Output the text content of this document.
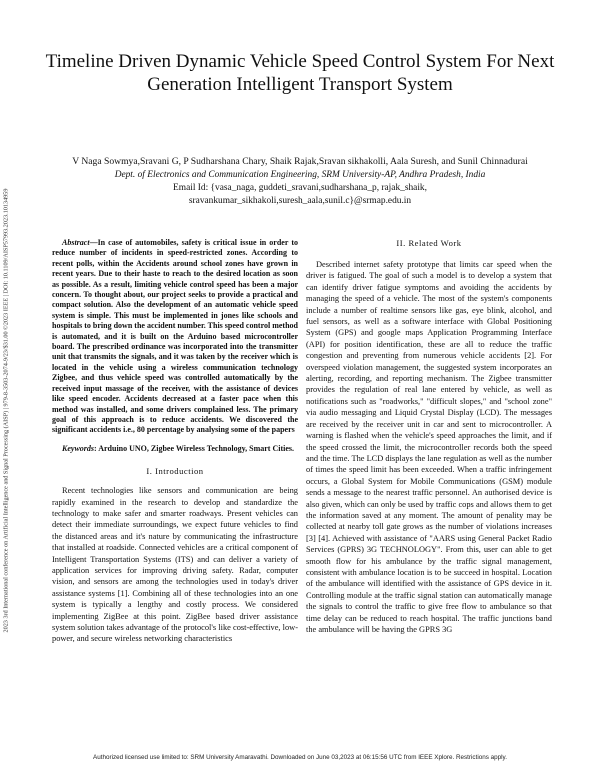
2023 3rd International conference on Artificial Intelligence and Signal Processing (AISP) | 979-8-3503-2074-9/23/$31.00 ©2023 IEEE | DOI: 10.1109/AISP57993.2023.10134959
Timeline Driven Dynamic Vehicle Speed Control System For Next Generation Intelligent Transport System
V Naga Sowmya,Sravani G, P Sudharshana Chary, Shaik Rajak,Sravan sikhakolli, Aala Suresh, and Sunil Chinnadurai
Dept. of Electronics and Communication Engineering, SRM University-AP, Andhra Pradesh, India
Email Id: {vasa_naga, guddeti_sravani,sudharshana_p, rajak_shaik,
sravankumar_sikhakoli,suresh_aala,sunil.c}@srmap.edu.in

Abstract—In case of automobiles, safety is critical issue in order to reduce number of incidents in speed-restricted zones. According to recent polls, within the Accidents around school zones have grown in recent years. Due to their haste to reach to the desired location as soon as possible. As a result, limiting vehicle control speed has been a major concern. To thought about, our project seeks to provide a practical and compact solution. Also the development of an automatic vehicle speed system is simple. This must be implemented in jones like schools and hospitals to bring down the accident number. This speed control method is automated, and it is built on the Arduino based microcontroller board. The prescribed ordinance was incorporated into the transmitter unit that transmits the signals, and it was taken by the receiver which is located in the vehicle using a wireless communication technology Zigbee, and thus vehicle speed was controlled automatically by the received input massage of the receiver, with the assistance of devices like speed encoder. Accidents decreased at a faster pace when this method was installed, and some drivers complained less. The primary goal of this approach is to reduce accidents. We discovered the significant accidents i.e., 80 percentage by analysing some of the papers

Keywords: Arduino UNO, Zigbee Wireless Technology, Smart Cities.

I. Introduction

Recent technologies like sensors and communication are being rapidly examined in the research to develop and standardize the technology to make safer and smarter roadways. Present vehicles can detect their immediate surroundings, we expect future vehicles to find the distanced areas and it's nature by communicating the infrastructure that installed at roadside. Connected vehicles are a critical component of Intelligent Transportation Systems (ITS) and can deliver a variety of application services for improving driving safety. Radar, computer vision, and sensors are among the technologies used in today's driver assistance systems [1]. Combining all of these technologies into an one system is typically a lengthy and costly process. We considered implementing ZigBee at this point. ZigBee based driver assistance system solution takes advantage of the protocol's like cost-effective, low-power, and secure wireless networking characteristics

II. Related Work

Described internet safety prototype that limits car speed when the driver is fatigued. The goal of such a model is to develop a system that can identify driver fatigue symptoms and avoiding the accidents by managing the speed of a vehicle. The most of the system's components include a number of realtime sensors like gas, eye blink, alcohol, and fuel sensors, as well as a software interface with Global Positioning System (GPS) and google maps Application Programming Interface (API) for position identification, these are all to reduce the traffic congestion and preventing from numerous vehicle accidents [2]. For overspeed violation management, the suggested system incorporates an alerting, recording, and reporting mechanism. The Zigbee transmitter provides the regulation of real lane entered by vehicle, as well as notifications such as "roadworks," "difficult slopes," and "school zone" via audio messaging and Liquid Crystal Display (LCD). The messages are received by the receiver unit in car and sent to microcontroller. A warning is flashed when the vehicle's speed approaches the limit, and if the speed crossed the limit, the microcontroller records both the speed and the time. The LCD displays the lane regulation as well as the number of times the speed limit has been exceeded. When a traffic infringement occurs, a Global System for Mobile Communications (GSM) module sends a message to the nearest traffic personnel. An authorised device is also given, which can only be used by traffic cops and allows them to get the information saved at any moment. The amount of penality may be collected at nearby toll gate grows as the number of violations increases [3] [4]. Achieved with assistance of "AARS using General Packet Radio Services (GPRS) 3G TECHNOLOGY". From this, user can able to get smooth flow for his ambulance by the traffic signal management, consistent with ambulance location is to be succeed in hospital. Location of the ambulance will identified with the assistance of GPS device in it. Controlling module at the traffic signal station can automatically manage the signals to control the traffic to give free flow to ambulance so that time delay can be reduced to reach hospital. The traffic junctions band the ambulance will be having the GPRS 3G

Authorized licensed use limited to: SRM University Amaravathi. Downloaded on June 03,2023 at 06:15:56 UTC from IEEE Xplore. Restrictions apply.
